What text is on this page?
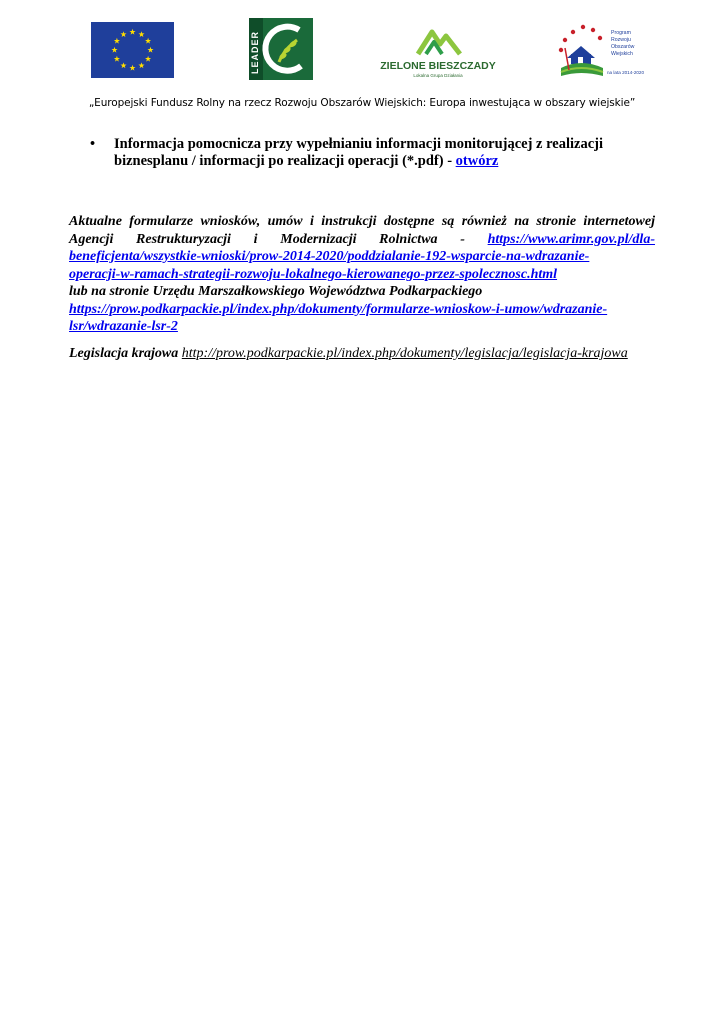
LEADER	ZIELONE BIESZCZADY
Lokalna Grupa Działania
Program
Rozwoju
Obszarów
Wiejskich
na lata 2014-2020
„Europejski Fundusz Rolny na rzecz Rozwoju Obszarów Wiejskich: Europa inwestująca w obszary wiejskie”
• Informacja pomocnicza przy wypełnianiu informacji monitorującej z realizacji
biznesplanu / informacji po realizacji operacji (*.pdf) - otwórz
Aktualne formularze wniosków, umów i instrukcji dostępne są również na stronie internetowej
Agencji Restrukturyzacji i Modernizacji Rolnictwa - https://www.arimr.gov.pl/dla-
beneficjenta/wszystkie-wnioski/prow-2014-2020/poddzialanie-192-wsparcie-na-wdrazanie-
operacji-w-ramach-strategii-rozwoju-lokalnego-kierowanego-przez-spolecznosc.html
lub na stronie Urzędu Marszałkowskiego Województwa Podkarpackiego
https://prow.podkarpackie.pl/index.php/dokumenty/formularze-wnioskow-i-umow/wdrazanie-
lsr/wdrazanie-lsr-2
Legislacja krajowa http://prow.podkarpackie.pl/index.php/dokumenty/legislacja/legislacja-krajowa
